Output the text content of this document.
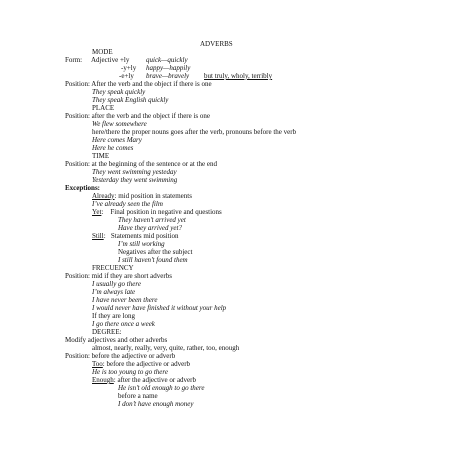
ADVERBS
MODE
Form: Adjective +ly quick—quickly
-y+ly happy—happily
-e+ly brave—bravely but truly, wholy, terribly
Position: After the verb and the object if there is one
They speak quickly
They speak English quickly
PLACE
Position: after the verb and the object if there is one
We flew somewhere
here/there the proper nouns goes after the verb, pronouns before the verb
Here comes Mary
Here he comes
TIME
Position: at the beginning of the sentence or at the end
They went swimming yesteday
Yesterday they went swimming
Exceptions:
Already: mid position in statements
I’ve already seen the film
Yet:    Final position in negative and questions
They haven’t arrived yet
Have they arrived yet?
Still:   Statements mid position
I’m still working
Negatives after the subject
I still haven’t found them
FRECUENCY
Position: mid if they are short adverbs
I usually go there
I’m always late
I have never been there
I would never have finished it without your help
If they are long
I go there once a week
DEGREE:
Modify adjectives and other adverbs
almost, nearly, really, very, quite, rather, too, enough
Position: before the adjective or adverb
Too: before the adjective or adverb
He is too young to go there
Enough: after the adjective or adverb
He isn’t old enough to go there
before a name
I don’t have enough money
